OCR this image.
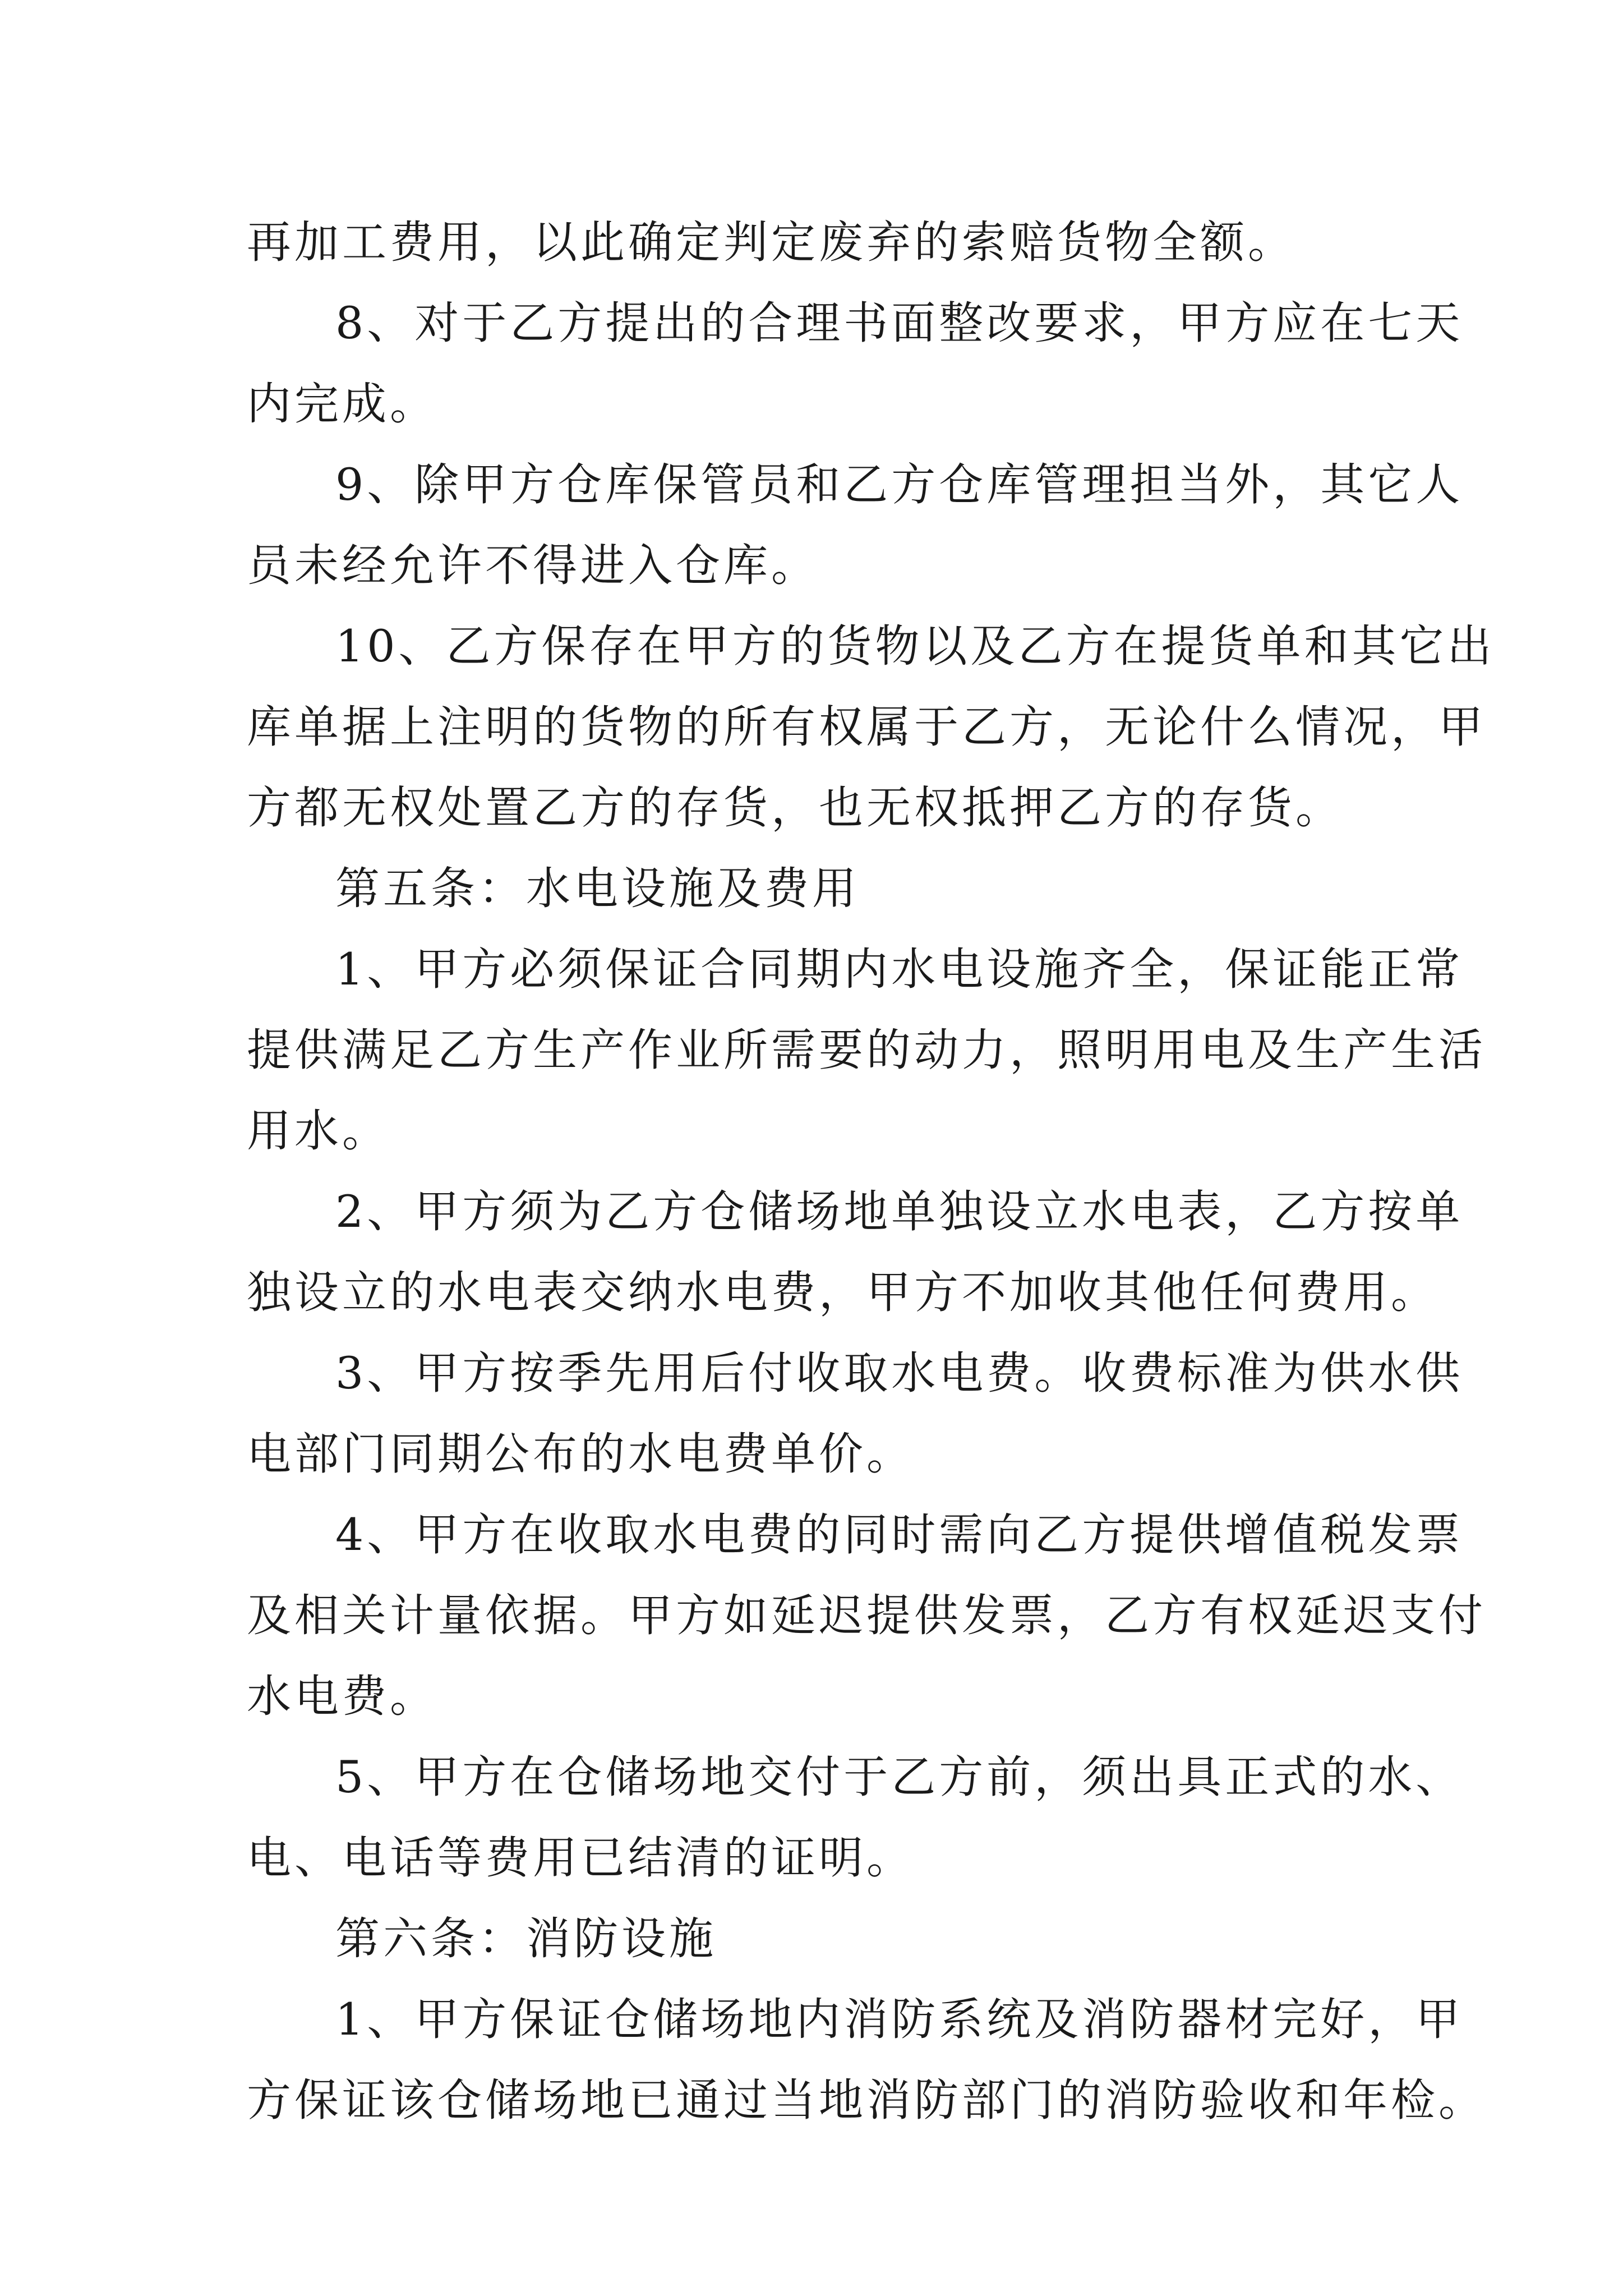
再加工费用，以此确定判定废弃的索赔货物全额。
8、对于乙方提出的合理书面整改要求，甲方应在七天
内完成。
9、除甲方仓库保管员和乙方仓库管理担当外，其它人
员未经允许不得进入仓库。
10、乙方保存在甲方的货物以及乙方在提货单和其它出
库单据上注明的货物的所有权属于乙方，无论什么情况，甲
方都无权处置乙方的存货，也无权抵押乙方的存货。
第五条：水电设施及费用
1、甲方必须保证合同期内水电设施齐全，保证能正常
提供满足乙方生产作业所需要的动力，照明用电及生产生活
用水。
2、甲方须为乙方仓储场地单独设立水电表，乙方按单
独设立的水电表交纳水电费，甲方不加收其他任何费用。
3、甲方按季先用后付收取水电费。收费标准为供水供
电部门同期公布的水电费单价。
4、甲方在收取水电费的同时需向乙方提供增值税发票
及相关计量依据。甲方如延迟提供发票，乙方有权延迟支付
水电费。
5、甲方在仓储场地交付于乙方前，须出具正式的水、
电、电话等费用已结清的证明。
第六条：消防设施
1、甲方保证仓储场地内消防系统及消防器材完好，甲
方保证该仓储场地已通过当地消防部门的消防验收和年检。
